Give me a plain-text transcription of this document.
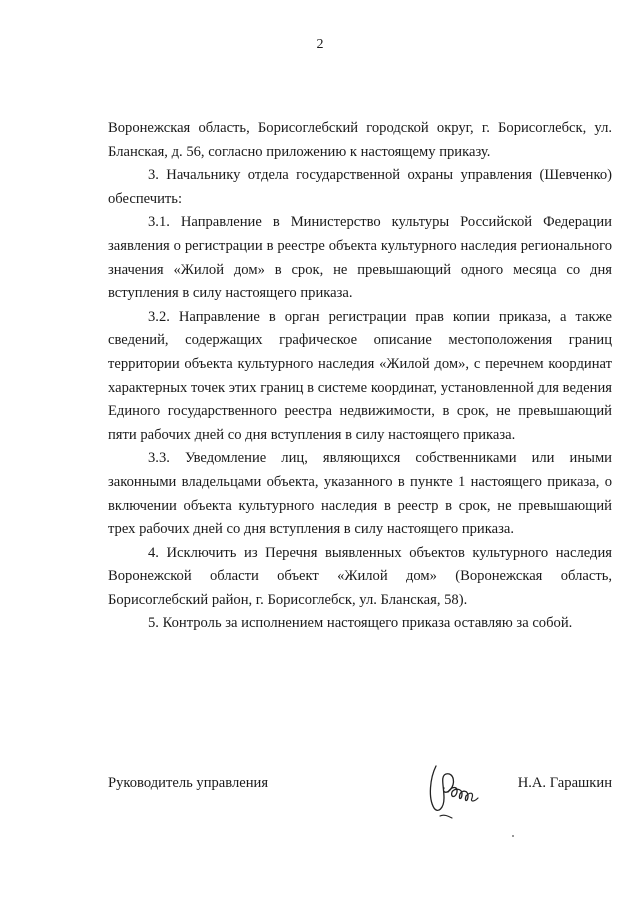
2

Воронежская область, Борисоглебский городской округ, г. Борисоглебск, ул. Бланская, д. 56, согласно приложению к настоящему приказу.

3. Начальнику отдела государственной охраны управления (Шевченко) обеспечить:

3.1. Направление в Министерство культуры Российской Федерации заявления о регистрации в реестре объекта культурного наследия регионального значения «Жилой дом» в срок, не превышающий одного месяца со дня вступления в силу настоящего приказа.

3.2. Направление в орган регистрации прав копии приказа, а также сведений, содержащих графическое описание местоположения границ территории объекта культурного наследия «Жилой дом», с перечнем координат характерных точек этих границ в системе координат, установленной для ведения Единого государственного реестра недвижимости, в срок, не превышающий пяти рабочих дней со дня вступления в силу настоящего приказа.

3.3. Уведомление лиц, являющихся собственниками или иными законными владельцами объекта, указанного в пункте 1 настоящего приказа, о включении объекта культурного наследия в реестр в срок, не превышающий трех рабочих дней со дня вступления в силу настоящего приказа.

4. Исключить из Перечня выявленных объектов культурного наследия Воронежской области объект «Жилой дом» (Воронежская область, Борисоглебский район, г. Борисоглебск, ул. Бланская, 58).

5. Контроль за исполнением настоящего приказа оставляю за собой.

Руководитель управления	Н.А. Гарашкин
